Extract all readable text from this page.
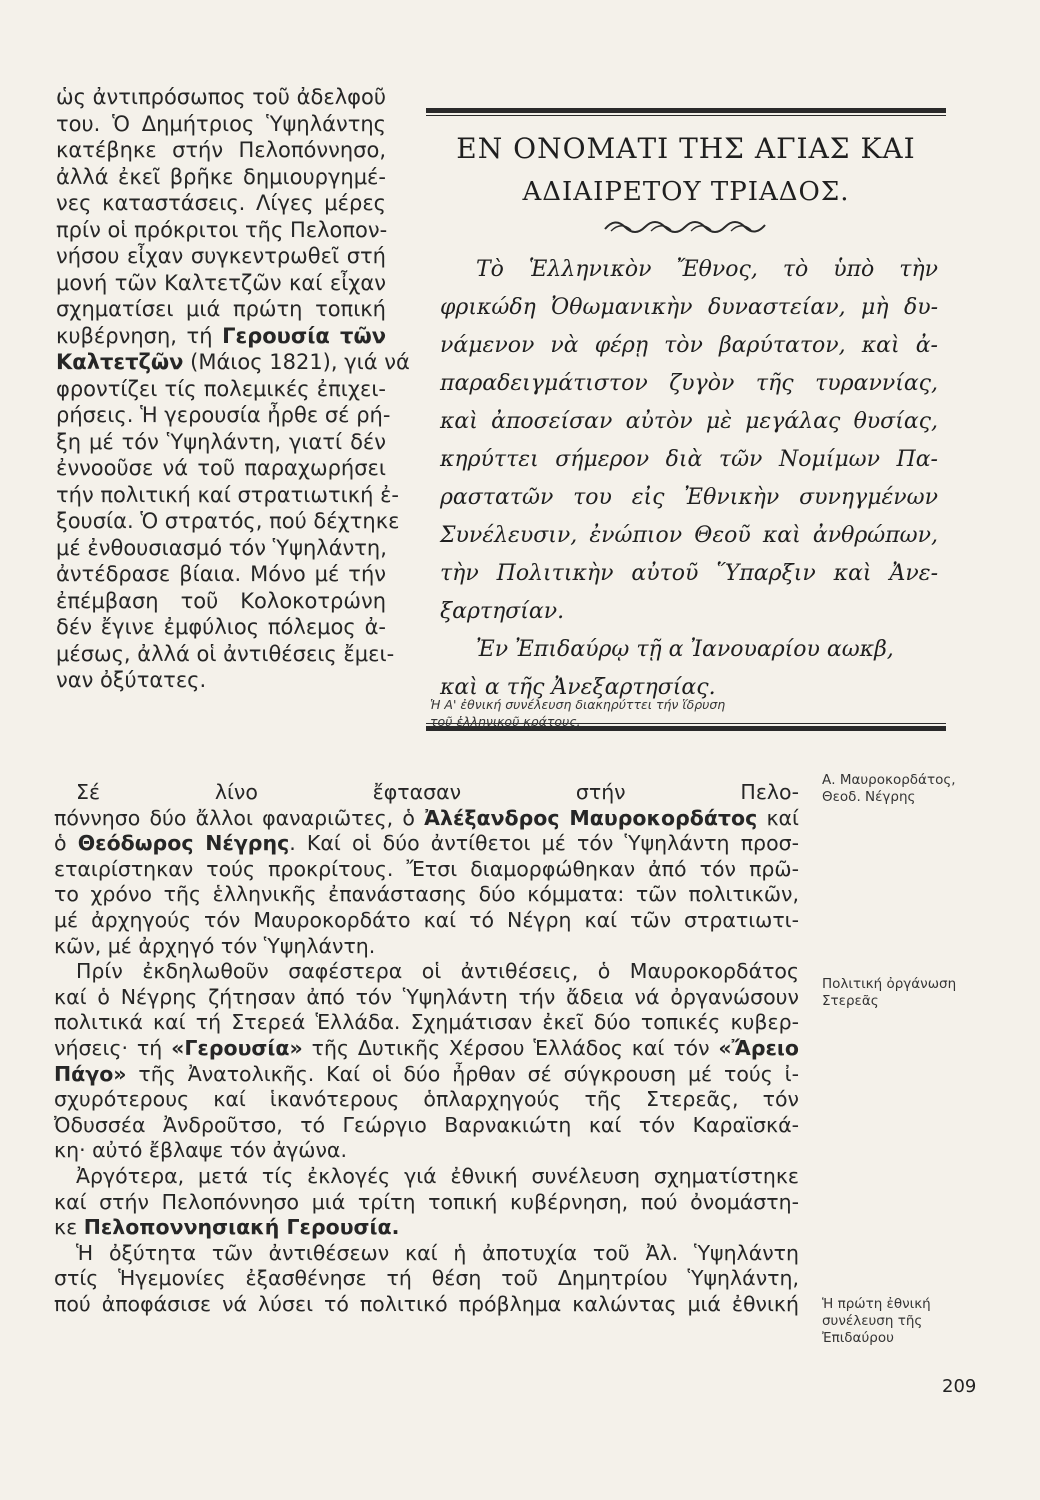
ὡς ἀντιπρόσωπος τοῦ ἀδελφοῦ
του. Ὁ Δημήτριος Ὑψηλάντης
κατέβηκε στήν Πελοπόννησο,
ἀλλά ἐκεῖ βρῆκε δημιουργημέ-
νες καταστάσεις. Λίγες μέρες
πρίν οἱ πρόκριτοι τῆς Πελοπον-
νήσου εἶχαν συγκεντρωθεῖ στή
μονή τῶν Καλτετζῶν καί εἶχαν
σχηματίσει μιά πρώτη τοπική
κυβέρνηση, τή Γερουσία τῶν
Καλτετζῶν (Μάιος 1821), γιά νά
φροντίζει τίς πολεμικές ἐπιχει-
ρήσεις. Ἡ γερουσία ἦρθε σέ ρή-
ξη μέ τόν Ὑψηλάντη, γιατί δέν
ἐννοοῦσε νά τοῦ παραχωρήσει
τήν πολιτική καί στρατιωτική ἐ-
ξουσία. Ὁ στρατός, πού δέχτηκε
μέ ἐνθουσιασμό τόν Ὑψηλάντη,
ἀντέδρασε βίαια. Μόνο μέ τήν
ἐπέμβαση τοῦ Κολοκοτρώνη
δέν ἔγινε ἐμφύλιος πόλεμος ἀ-
μέσως, ἀλλά οἱ ἀντιθέσεις ἔμει-
ναν ὀξύτατες.
ΕΝ ΟΝΟΜΑΤΙ ΤΗΣ ΑΓΙΑΣ ΚΑΙ
ΑΔΙΑΙΡΕΤΟΥ ΤΡΙΑΔΟΣ.
Τὸ Ἑλληνικὸν Ἔθνος, τὸ ὑπὸ τὴν
φρικώδη Ὀθωμανικὴν δυναστείαν, μὴ δυ-
νάμενον νὰ φέρῃ τὸν βαρύτατον, καὶ ἀ-
παραδειγμάτιστον ζυγὸν τῆς τυραννίας,
καὶ ἀποσείσαν αὐτὸν μὲ μεγάλας θυσίας,
κηρύττει σήμερον διὰ τῶν Νομίμων Πα-
ραστατῶν του εἰς Ἐθνικὴν συνηγμένων
Συνέλευσιν, ἐνώπιον Θεοῦ καὶ ἀνθρώπων,
τὴν Πολιτικὴν αὐτοῦ Ὕπαρξιν καὶ Ἀνε-
ξαρτησίαν.
Ἐν Ἐπιδαύρῳ τῇ α Ἰανουαρίου αωκβ,
καὶ α τῆς Ἀνεξαρτησίας.
Ἡ Α' ἐθνική συνέλευση διακηρύττει τήν ἵδρυση
τοῦ ἑλληνικοῦ κράτους.
Σέ λίνο ἔφτασαν στήν Πελο-
πόννησο δύο ἄλλοι φαναριῶτες, ὁ Ἀλέξανδρος Μαυροκορδάτος καί
ὁ Θεόδωρος Νέγρης. Καί οἱ δύο ἀντίθετοι μέ τόν Ὑψηλάντη προσ-
εταιρίστηκαν τούς προκρίτους. Ἔτσι διαμορφώθηκαν ἀπό τόν πρῶ-
το χρόνο τῆς ἑλληνικῆς ἐπανάστασης δύο κόμματα: τῶν πολιτικῶν,
μέ ἀρχηγούς τόν Μαυροκορδάτο καί τό Νέγρη καί τῶν στρατιωτι-
κῶν, μέ ἀρχηγό τόν Ὑψηλάντη.
Πρίν ἐκδηλωθοῦν σαφέστερα οἱ ἀντιθέσεις, ὁ Μαυροκορδάτος
καί ὁ Νέγρης ζήτησαν ἀπό τόν Ὑψηλάντη τήν ἄδεια νά ὀργανώσουν
πολιτικά καί τή Στερεά Ἑλλάδα. Σχημάτισαν ἐκεῖ δύο τοπικές κυβερ-
νήσεις· τή «Γερουσία» τῆς Δυτικῆς Χέρσου Ἑλλάδος καί τόν «Ἄρειο
Πάγο» τῆς Ἀνατολικῆς. Καί οἱ δύο ἦρθαν σέ σύγκρουση μέ τούς ἰ-
σχυρότερους καί ἱκανότερους ὁπλαρχηγούς τῆς Στερεᾶς, τόν
Ὀδυσσέα Ἀνδροῦτσο, τό Γεώργιο Βαρνακιώτη καί τόν Καραϊσκά-
κη· αὐτό ἔβλαψε τόν ἀγώνα.
Ἀργότερα, μετά τίς ἐκλογές γιά ἐθνική συνέλευση σχηματίστηκε
καί στήν Πελοπόννησο μιά τρίτη τοπική κυβέρνηση, πού ὀνομάστη-
κε Πελοποννησιακή Γερουσία.
Ἡ ὀξύτητα τῶν ἀντιθέσεων καί ἡ ἀποτυχία τοῦ Ἀλ. Ὑψηλάντη
στίς Ἡγεμονίες ἐξασθένησε τή θέση τοῦ Δημητρίου Ὑψηλάντη,
πού ἀποφάσισε νά λύσει τό πολιτικό πρόβλημα καλώντας μιά ἐθνική
Α. Μαυροκορδάτος,
Θεοδ. Νέγρης
Πολιτική ὀργάνωση
Στερεᾶς
Ἡ πρώτη ἐθνική
συνέλευση τῆς
Ἐπιδαύρου
209
